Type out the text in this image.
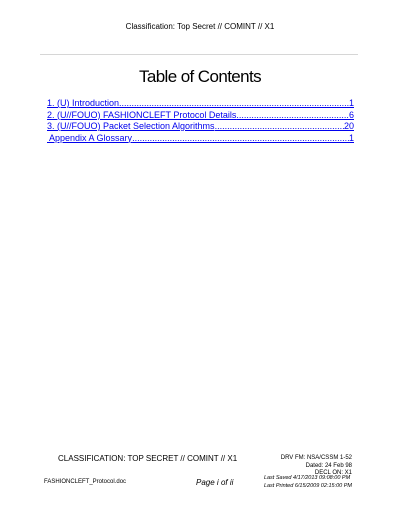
Classification: Top Secret // COMINT // X1
Table of Contents
1. (U) Introduction .....	1
2. (U//FOUO) FASHIONCLEFT Protocol Details .....	6
3. (U//FOUO) Packet Selection Algorithms .....	20
Appendix A Glossary .....	1
CLASSIFICATION: TOP SECRET // COMINT // X1	DRV FM: NSA/CSSM 1-52
Dated: 24 Feb 98
DECL ON: X1
FASHIONCLEFT_Protocol.doc	Page i of ii	Last Saved 4/17/2013 09:08:00 PM
Last Printed 6/15/2009 02:15:00 PM
